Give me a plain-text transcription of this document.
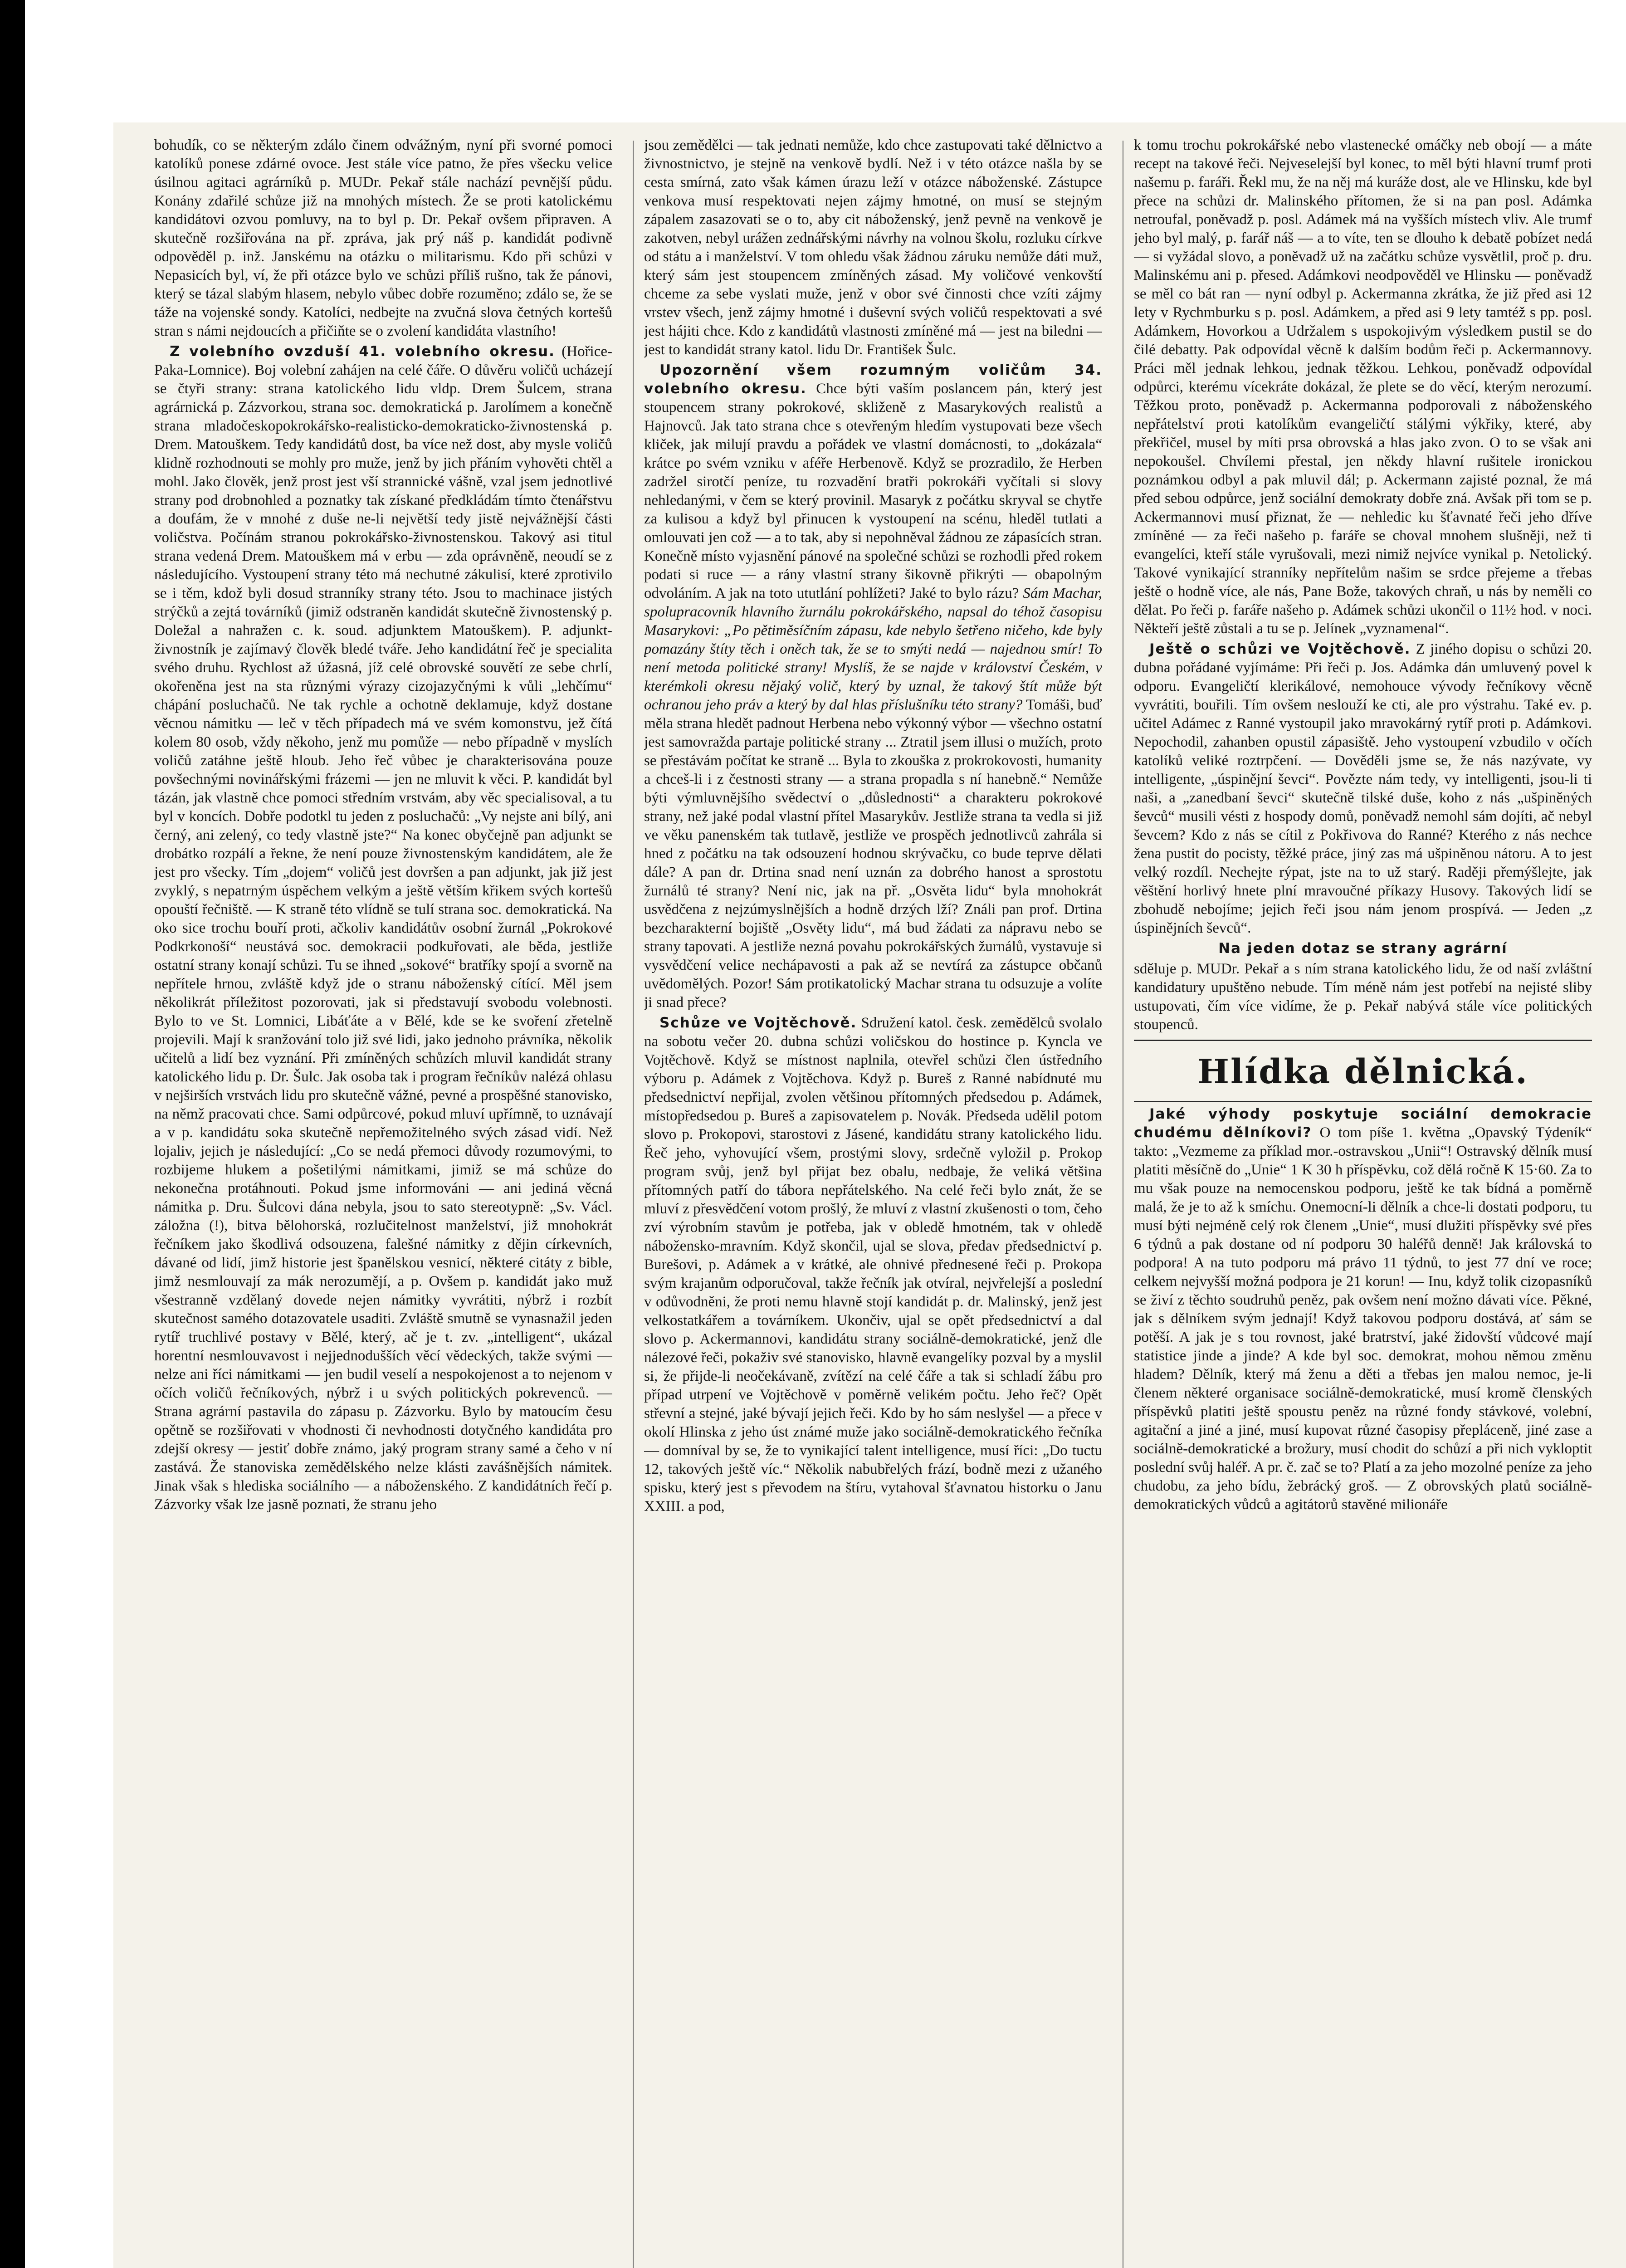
bohudík, co se některým zdálo činem odvážným, nyní při svorné pomoci katolíků ponese zdárné ovoce. Jest stále více patno, že přes všecku velice úsilnou agitaci agrárníků p. MUDr. Pekař stále nachází pevnější půdu. Konány zdařilé schůze již na mnohých místech. Že se proti katolickému kandidátovi ozvou pomluvy, na to byl p. Dr. Pekař ovšem připraven. A skutečně rozšiřována na př. zpráva, jak prý náš p. kandidát podivně odpověděl p. inž. Janskému na otázku o militarismu. Kdo při schůzi v Nepasicích byl, ví, že při otázce bylo ve schůzi příliš rušno, tak že pánovi, který se tázal slabým hlasem, nebylo vůbec dobře rozuměno; zdálo se, že se táže na vojenské sondy. Katolíci, nedbejte na zvučná slova četných kortešů stran s námi nejdoucích a přičiňte se o zvolení kandidáta vlastního!

Z volebního ovzduší 41. volebního okresu. (Hořice-Paka-Lomnice). Boj volební zahájen na celé čáře. O důvěru voličů ucházejí se čtyři strany: strana katolického lidu vldp. Drem Šulcem, strana agrárnická p. Zázvorkou, strana soc. demokratická p. Jarolímem a konečně strana mladočeskopokrokářsko-realisticko-demokraticko-živnostenská p. Drem. Matouškem. Tedy kandidátů dost, ba více než dost, aby mysle voličů klidně rozhodnouti se mohly pro muže, jenž by jich přáním vyhověti chtěl a mohl. Jako člověk, jenž prost jest vší strannické vášně, vzal jsem jednotlivé strany pod drobnohled a poznatky tak získané předkládám tímto čtenářstvu a doufám, že v mnohé z duše ne-li největší tedy jistě nejvážnější části voličstva. Počínám stranou pokrokářsko-živnostenskou. Takový asi titul strana vedená Drem. Matouškem má v erbu — zda oprávněně, neoudí se z následujícího. Vystoupení strany této má nechutné zákulisí, které zprotivilo se i těm, kdož byli dosud stranníky strany této. Jsou to machinace jistých strýčků a zejtá továrníků (jimiž odstraněn kandidát skutečně živnostenský p. Doležal a nahražen c. k. soud. adjunktem Matouškem). P. adjunkt-živnostník je zajímavý člověk bledé tváře. Jeho kandidátní řeč je specialita svého druhu. Rychlost až úžasná, jíž celé obrovské souvětí ze sebe chrlí, okořeněna jest na sta různými výrazy cizojazyčnými k vůli „lehčímu“ chápání posluchačů. Ne tak rychle a ochotně deklamuje, když dostane věcnou námitku — leč v těch případech má ve svém komonstvu, jež čítá kolem 80 osob, vždy někoho, jenž mu pomůže — nebo případně v myslích voličů zatáhne ještě hloub. Jeho řeč vůbec je charakterisována pouze povšechnými novinářskými frázemi — jen ne mluvit k věci. P. kandidát byl tázán, jak vlastně chce pomoci středním vrstvám, aby věc specialisoval, a tu byl v koncích. Dobře podotkl tu jeden z posluchačů: „Vy nejste ani bílý, ani černý, ani zelený, co tedy vlastně jste?“ Na konec obyčejně pan adjunkt se drobátko rozpálí a řekne, že není pouze živnostenským kandidátem, ale že jest pro všecky. Tím „dojem“ voličů jest dovršen a pan adjunkt, jak již jest zvyklý, s nepatrným úspěchem velkým a ještě větším křikem svých kortešů opouští řečniště. — K straně této vlídně se tulí strana soc. demokratická. Na oko sice trochu bouří proti, ačkoliv kandidátův osobní žurnál „Pokrokové Podkrkonoší“ neustává soc. demokracii podkuřovati, ale běda, jestliže ostatní strany konají schůzi. Tu se ihned „sokové“ bratříky spojí a svorně na nepřítele hrnou, zvláště když jde o stranu náboženský cítící. Měl jsem několikrát příležitost pozorovati, jak si představují svobodu volebnosti. Bylo to ve St. Lomnici, Libáťáte a v Bělé, kde se ke svoření zřetelně projevili. Mají k sranžování tolo již své lidi, jako jednoho právníka, několik učitelů a lidí bez vyznání. Při zmíněných schůzích mluvil kandidát strany katolického lidu p. Dr. Šulc. Jak osoba tak i program řečníkův nalézá ohlasu v nejširších vrstvách lidu pro skutečně vážné, pevné a prospěšné stanovisko, na němž pracovati chce. Sami odpůrcové, pokud mluví upřímně, to uznávají a v p. kandidátu soka skutečně nepřemožitelného svých zásad vidí. Než lojaliv, jejich je následující: „Co se nedá přemoci důvody rozumovými, to rozbijeme hlukem a pošetilými námitkami, jimiž se má schůze do nekonečna protáhnouti. Pokud jsme informováni — ani jediná věcná námitka p. Dru. Šulcovi dána nebyla, jsou to sato stereotypně: „Sv. Václ. záložna (!), bitva bělohorská, rozlučitelnost manželství, již mnohokrát řečníkem jako škodlivá odsouzena, falešné námitky z dějin církevních, dávané od lidí, jimž historie jest španělskou vesnicí, některé citáty z bible, jimž nesmlouvají za mák nerozumějí, a p. Ovšem p. kandidát jako muž všestranně vzdělaný dovede nejen námitky vyvrátiti, nýbrž i rozbít skutečnost samého dotazovatele usaditi. Zvláště smutně se vynasnažil jeden rytíř truchlivé postavy v Bělé, který, ač je t. zv. „intelligent“, ukázal horentní nesmlouvavost i nejjednodušších věcí vědeckých, takže svými — nelze ani říci námitkami — jen budil veselí a nespokojenost a to nejenom v očích voličů řečníkových, nýbrž i u svých politických pokrevenců. — Strana agrární pastavila do zápasu p. Zázvorku. Bylo by matoucím česu opětně se rozšiřovati v vhodnosti či nevhodnosti dotyčného kandidáta pro zdejší okresy — jestiť dobře známo, jaký program strany samé a čeho v ní zastává. Že stanoviska zemědělského nelze klásti zavášnějších námitek. Jinak však s hlediska sociálního — a náboženského. Z kandidátních řečí p. Zázvorky však lze jasně poznati, že stranu jeho

jsou zemědělci — tak jednati nemůže, kdo chce zastupovati také dělnictvo a živnostnictvo, je stejně na venkově bydlí. Než i v této otázce našla by se cesta smírná, zato však kámen úrazu leží v otázce náboženské. Zástupce venkova musí respektovati nejen zájmy hmotné, on musí se stejným zápalem zasazovati se o to, aby cit náboženský, jenž pevně na venkově je zakotven, nebyl urážen zednářskými návrhy na volnou školu, rozluku církve od státu a i manželství. V tom ohledu však žádnou záruku nemůže dáti muž, který sám jest stoupencem zmíněných zásad. My voličové venkovští chceme za sebe vyslati muže, jenž v obor své činnosti chce vzíti zájmy vrstev všech, jenž zájmy hmotné i duševní svých voličů respektovati a své jest hájiti chce. Kdo z kandidátů vlastnosti zmíněné má — jest na biledni — jest to kandidát strany katol. lidu Dr. František Šulc.

Upozornění všem rozumným voličům 34. volebního okresu. Chce býti vaším poslancem pán, který jest stoupencem strany pokrokové, skliženě z Masarykových realistů a Hajnovců. Jak tato strana chce s otevřeným hledím vystupovati beze všech kliček, jak milují pravdu a pořádek ve vlastní domácnosti, to „dokázala“ krátce po svém vzniku v aféře Herbenově. Když se prozradilo, že Herben zadržel sirotčí peníze, tu rozvadění bratři pokrokáři vyčítali si slovy nehledanými, v čem se který provinil. Masaryk z počátku skryval se chytře za kulisou a když byl přinucen k vystoupení na scénu, hleděl tutlati a omlouvati jen což — a to tak, aby si nepohněval žádnou ze zápasících stran. Konečně místo vyjasnění pánové na společné schůzi se rozhodli před rokem podati si ruce — a rány vlastní strany šikovně přikrýti — obapolným odvoláním. A jak na toto ututlání pohlížeti? Jaké to bylo rázu? Sám Machar, spolupracovník hlavního žurnálu pokrokářského, napsal do téhož časopisu Masarykovi: „Po pětiměsíčním zápasu, kde nebylo šetřeno ničeho, kde byly pomazány štíty těch i oněch tak, že se to smýti nedá — najednou smír! To není metoda politické strany! Myslíš, že se najde v království Českém, v kterémkoli okresu nějaký volič, který by uznal, že takový štít může být ochranou jeho práv a který by dal hlas příslušníku této strany? Tomáši, buď měla strana hledět padnout Herbena nebo výkonný výbor — všechno ostatní jest samovražda partaje politické strany ... Ztratil jsem illusi o mužích, proto se přestávám počítat ke straně ... Byla to zkouška z prokrokovosti, humanity a chceš-li i z čestnosti strany — a strana propadla s ní hanebně.“ Nemůže býti výmluvnějšího svědectví o „důslednosti“ a charakteru pokrokové strany, než jaké podal vlastní přítel Masarykův. Jestliže strana ta vedla si již ve věku panenském tak tutlavě, jestliže ve prospěch jednotlivců zahrála si hned z počátku na tak odsouzení hodnou skrývačku, co bude teprve dělati dále? A pan dr. Drtina snad není uznán za dobrého hanost a sprostotu žurnálů té strany? Není nic, jak na př. „Osvěta lidu“ byla mnohokrát usvědčena z nejzúmyslnějších a hodně drzých lží? Ználi pan prof. Drtina bezcharakterní bojiště „Osvěty lidu“, má bud žádati za nápravu nebo se strany tapovati. A jestliže nezná povahu pokrokářských žurnálů, vystavuje si vysvědčení velice nechápavosti a pak až se nevtírá za zástupce občanů uvědomělých. Pozor! Sám protikatolický Machar strana tu odsuzuje a volíte ji snad přece?

Schůze ve Vojtěchově. Sdružení katol. česk. zemědělců svolalo na sobotu večer 20. dubna schůzi voličskou do hostince p. Kyncla ve Vojtěchově. Když se místnost naplnila, otevřel schůzi člen ústředního výboru p. Adámek z Vojtěchova. Když p. Bureš z Ranné nabídnuté mu předsednictví nepřijal, zvolen většinou přítomných předsedou p. Adámek, místopředsedou p. Bureš a zapisovatelem p. Novák. Předseda udělil potom slovo p. Prokopovi, starostovi z Jásené, kandidátu strany katolického lidu. Řeč jeho, vyhovující všem, prostými slovy, srdečně vyložil p. Prokop program svůj, jenž byl přijat bez obalu, nedbaje, že veliká většina přítomných patří do tábora nepřátelského. Na celé řeči bylo znát, že se mluví z přesvědčení votom prošlý, že mluví z vlastní zkušenosti o tom, čeho zví výrobním stavům je potřeba, jak v obledě hmotném, tak v ohledě nábožensko-mravním. Když skončil, ujal se slova, předav předsednictví p. Burešovi, p. Adámek a v krátké, ale ohnivé přednesené řeči p. Prokopa svým krajanům odporučoval, takže řečník jak otvíral, nejvřelejší a poslední v odůvodněni, že proti nemu hlavně stojí kandidát p. dr. Malinský, jenž jest velkostatkářem a továrníkem. Ukončiv, ujal se opět předsednictví a dal slovo p. Ackermannovi, kandidátu strany sociálně-demokratické, jenž dle nálezové řeči, pokaživ své stanovisko, hlavně evangelíky pozval by a myslil si, že přijde-li neočekávaně, zvítězí na celé čáře a tak si schladí žábu pro případ utrpení ve Vojtěchově v poměrně velikém počtu. Jeho řeč? Opět střevní a stejné, jaké bývají jejich řeči. Kdo by ho sám neslyšel — a přece v okolí Hlinska z jeho úst známé muže jako sociálně-demokratického řečníka — domníval by se, že to vynikající talent intelligence, musí říci: „Do tuctu 12, takových ještě víc.“ Několik nabubřelých frází, bodně mezi z užaného spisku, který jest s převodem na štíru, vytahoval šťavnatou historku o Janu XXIII. a pod,

k tomu trochu pokrokářské nebo vlastenecké omáčky neb obojí — a máte recept na takové řeči. Nejveselejší byl konec, to měl býti hlavní trumf proti našemu p. faráři. Řekl mu, že na něj má kuráže dost, ale ve Hlinsku, kde byl přece na schůzi dr. Malinského přítomen, že si na pan posl. Adámka netroufal, poněvadž p. posl. Adámek má na vyšších místech vliv. Ale trumf jeho byl malý, p. farář náš — a to víte, ten se dlouho k debatě pobízet nedá — si vyžádal slovo, a poněvadž už na začátku schůze vysvětlil, proč p. dru. Malinskému ani p. přesed. Adámkovi neodpověděl ve Hlinsku — poněvadž se měl co bát ran — nyní odbyl p. Ackermanna zkrátka, že již před asi 12 lety v Rychmburku s p. posl. Adámkem, a před asi 9 lety tamtéž s pp. posl. Adámkem, Hovorkou a Udržalem s uspokojivým výsledkem pustil se do čilé debatty. Pak odpovídal věcně k dalším bodům řeči p. Ackermannovy. Práci měl jednak lehkou, jednak těžkou. Lehkou, poněvadž odpovídal odpůrci, kterému vícekráte dokázal, že plete se do věcí, kterým nerozumí. Těžkou proto, poněvadž p. Ackermanna podporovali z náboženského nepřátelství proti katolíkům evangeličtí stálými výkřiky, které, aby překřičel, musel by míti prsa obrovská a hlas jako zvon. O to se však ani nepokoušel. Chvílemi přestal, jen někdy hlavní rušitele ironickou poznámkou odbyl a pak mluvil dál; p. Ackermann zajisté poznal, že má před sebou odpůrce, jenž sociální demokraty dobře zná. Avšak při tom se p. Ackermannovi musí přiznat, že — nehledic ku šťavnaté řeči jeho dříve zmíněné — za řeči našeho p. faráře se choval mnohem slušněji, než ti evangelíci, kteří stále vyrušovali, mezi nimiž nejvíce vynikal p. Netolický. Takové vynikající stranníky nepřítelům našim se srdce přejeme a třebas ještě o hodně více, ale nás, Pane Bože, takových chraň, u nás by neměli co dělat. Po řeči p. faráře našeho p. Adámek schůzi ukončil o 11½ hod. v noci. Někteří ještě zůstali a tu se p. Jelínek „vyznamenal“.

Ještě o schůzi ve Vojtěchově. Z jiného dopisu o schůzi 20. dubna pořádané vyjímáme: Při řeči p. Jos. Adámka dán umluvený povel k odporu. Evangeličtí klerikálové, nemohouce vývody řečníkovy věcně vyvrátiti, bouřili. Tím ovšem neslouží ke cti, ale pro výstrahu. Také ev. p. učitel Adámec z Ranné vystoupil jako mravokárný rytíř proti p. Adámkovi. Nepochodil, zahanben opustil zápasiště. Jeho vystoupení vzbudilo v očích katolíků veliké roztrpčení. — Dověděli jsme se, že nás nazývate, vy intelligente, „úspinějní ševci“. Povězte nám tedy, vy intelligenti, jsou-li ti naši, a „zanedbaní ševci“ skutečně tilské duše, koho z nás „ušpiněných ševců“ musili vésti z hospody domů, poněvadž nemohl sám dojíti, ač nebyl ševcem? Kdo z nás se cítil z Pokřivova do Ranné? Kterého z nás nechce žena pustit do pocisty, těžké práce, jiný zas má ušpiněnou nátoru. A to jest velký rozdíl. Nechejte rýpat, jste na to už starý. Raději přemýšlejte, jak věštění horlivý hnete plní mravoučné příkazy Husovy. Takových lidí se zbohudě nebojíme; jejich řeči jsou nám jenom prospívá. — Jeden „z úspinějních ševců“.

Na jeden dotaz se strany agrární

sděluje p. MUDr. Pekař a s ním strana katolického lidu, že od naší zvláštní kandidatury upuštěno nebude. Tím méně nám jest potřebí na nejisté sliby ustupovati, čím více vidíme, že p. Pekař nabývá stále více politických stoupenců.

Hlídka dělnická.

Jaké výhody poskytuje sociální demokracie chudému dělníkovi? O tom píše 1. května „Opavský Týdeník“ takto: „Vezmeme za příklad mor.-ostravskou „Unii“! Ostravský dělník musí platiti měsíčně do „Unie“ 1 K 30 h příspěvku, což dělá ročně K 15·60. Za to mu však pouze na nemocenskou podporu, ještě ke tak bídná a poměrně malá, že je to až k smíchu. Onemocní-li dělník a chce-li dostati podporu, tu musí býti nejméně celý rok členem „Unie“, musí dlužiti příspěvky své přes 6 týdnů a pak dostane od ní podporu 30 haléřů denně! Jak královská to podpora! A na tuto podporu má právo 11 týdnů, to jest 77 dní ve roce; celkem nejvyšší možná podpora je 21 korun! — Inu, když tolik cizopasníků se živí z těchto soudruhů peněz, pak ovšem není možno dávati více. Pěkné, jak s dělníkem svým jednají! Když takovou podporu dostává, ať sám se potěší. A jak je s tou rovnost, jaké bratrství, jaké židovští vůdcové mají statistice jinde a jinde? A kde byl soc. demokrat, mohou němou změnu hladem? Dělník, který má ženu a děti a třebas jen malou nemoc, je-li členem některé organisace sociálně-demokratické, musí kromě členských příspěvků platiti ještě spoustu peněz na různé fondy stávkové, volební, agitační a jiné a jiné, musí kupovat různé časopisy přepláceně, jiné zase a sociálně-demokratické a brožury, musí chodit do schůzí a při nich vykloptit poslední svůj haléř. A pr. č. zač se to? Platí a za jeho mozolné peníze za jeho chudobu, za jeho bídu, žebrácký groš. — Z obrovských platů sociálně-demokratických vůdců a agitátorů stavěné milionáře
